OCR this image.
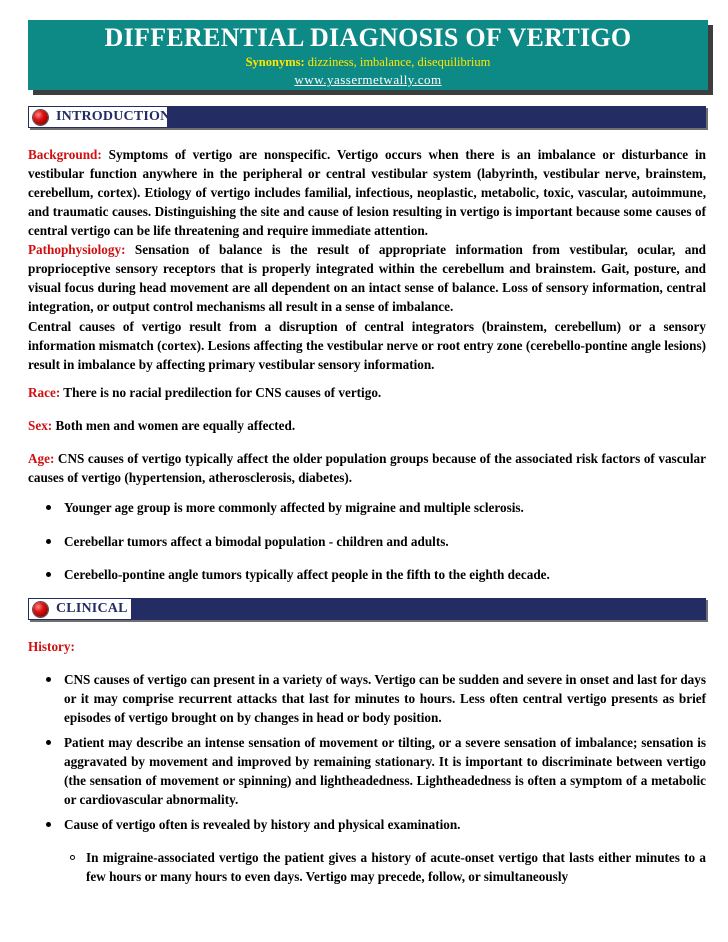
DIFFERENTIAL DIAGNOSIS OF VERTIGO
Synonyms: dizziness, imbalance, disequilibrium
www.yassermetwally.com
INTRODUCTION
Background: Symptoms of vertigo are nonspecific. Vertigo occurs when there is an imbalance or disturbance in vestibular function anywhere in the peripheral or central vestibular system (labyrinth, vestibular nerve, brainstem, cerebellum, cortex). Etiology of vertigo includes familial, infectious, neoplastic, metabolic, toxic, vascular, autoimmune, and traumatic causes. Distinguishing the site and cause of lesion resulting in vertigo is important because some causes of central vertigo can be life threatening and require immediate attention.
Pathophysiology: Sensation of balance is the result of appropriate information from vestibular, ocular, and proprioceptive sensory receptors that is properly integrated within the cerebellum and brainstem. Gait, posture, and visual focus during head movement are all dependent on an intact sense of balance. Loss of sensory information, central integration, or output control mechanisms all result in a sense of imbalance.
Central causes of vertigo result from a disruption of central integrators (brainstem, cerebellum) or a sensory information mismatch (cortex). Lesions affecting the vestibular nerve or root entry zone (cerebello-pontine angle lesions) result in imbalance by affecting primary vestibular sensory information.
Race: There is no racial predilection for CNS causes of vertigo.
Sex: Both men and women are equally affected.
Age: CNS causes of vertigo typically affect the older population groups because of the associated risk factors of vascular causes of vertigo (hypertension, atherosclerosis, diabetes).
Younger age group is more commonly affected by migraine and multiple sclerosis.
Cerebellar tumors affect a bimodal population - children and adults.
Cerebello-pontine angle tumors typically affect people in the fifth to the eighth decade.
CLINICAL
History:
CNS causes of vertigo can present in a variety of ways. Vertigo can be sudden and severe in onset and last for days or it may comprise recurrent attacks that last for minutes to hours. Less often central vertigo presents as brief episodes of vertigo brought on by changes in head or body position.
Patient may describe an intense sensation of movement or tilting, or a severe sensation of imbalance; sensation is aggravated by movement and improved by remaining stationary. It is important to discriminate between vertigo (the sensation of movement or spinning) and lightheadedness. Lightheadedness is often a symptom of a metabolic or cardiovascular abnormality.
Cause of vertigo often is revealed by history and physical examination.
In migraine-associated vertigo the patient gives a history of acute-onset vertigo that lasts either minutes to a few hours or many hours to even days. Vertigo may precede, follow, or simultaneously
